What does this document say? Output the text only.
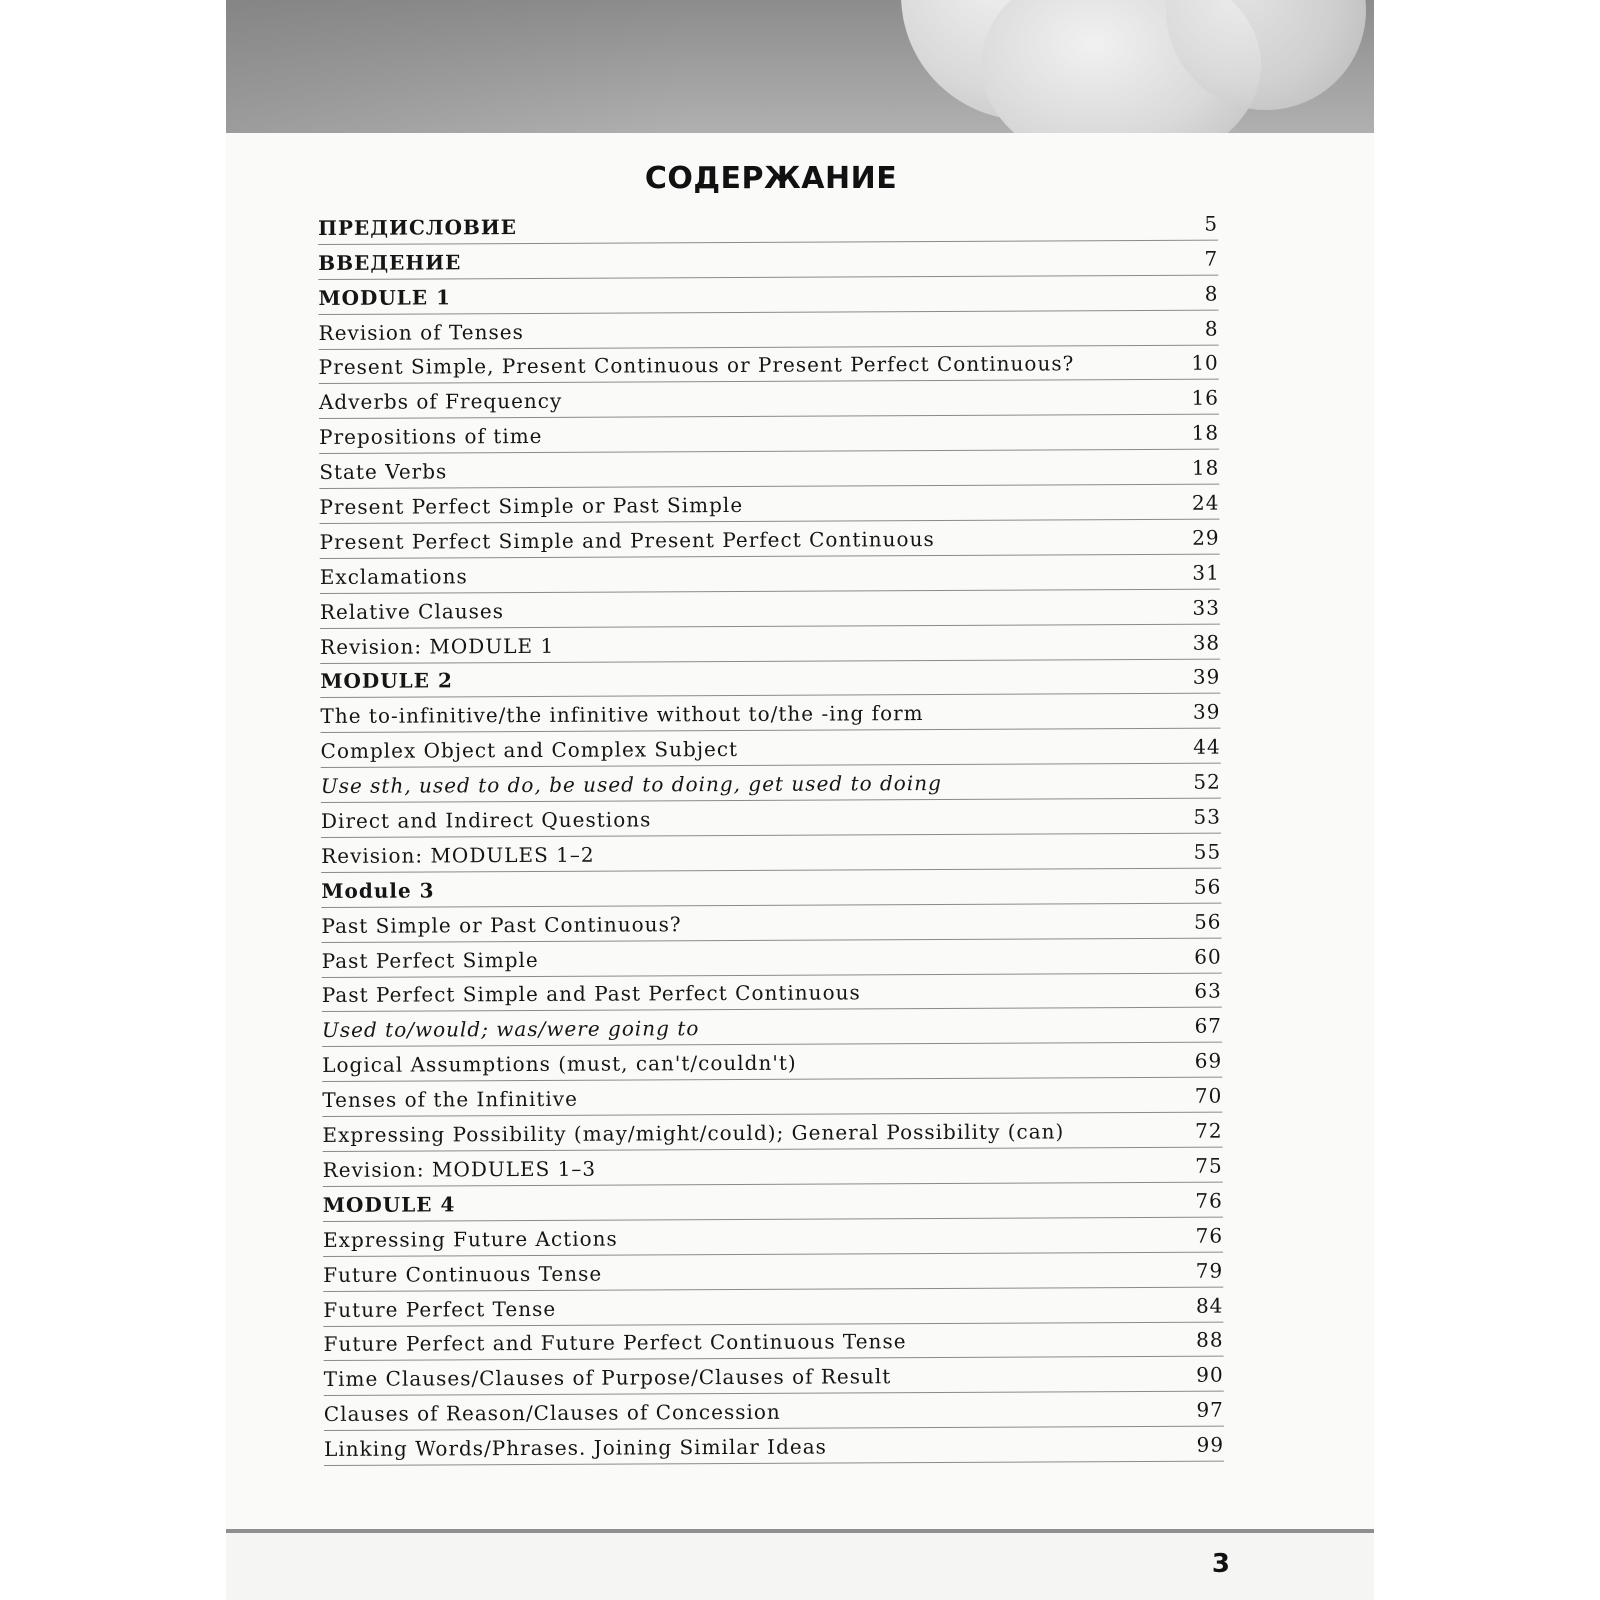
СОДЕРЖАНИЕ
ПРЕДИСЛОВИЕ	5
ВВЕДЕНИЕ	7
MODULE 1	8
Revision of Tenses	8
Present Simple, Present Continuous or Present Perfect Continuous?	10
Adverbs of Frequency	16
Prepositions of time	18
State Verbs	18
Present Perfect Simple or Past Simple	24
Present Perfect Simple and Present Perfect Continuous	29
Exclamations	31
Relative Clauses	33
Revision: MODULE 1	38
MODULE 2	39
The to-infinitive/the infinitive without to/the -ing form	39
Complex Object and Complex Subject	44
Use sth, used to do, be used to doing, get used to doing	52
Direct and Indirect Questions	53
Revision: MODULES 1–2	55
Module 3	56
Past Simple or Past Continuous?	56
Past Perfect Simple	60
Past Perfect Simple and Past Perfect Continuous	63
Used to/would; was/were going to	67
Logical Assumptions (must, can't/couldn't)	69
Tenses of the Infinitive	70
Expressing Possibility (may/might/could); General Possibility (can)	72
Revision: MODULES 1–3	75
MODULE 4	76
Expressing Future Actions	76
Future Continuous Tense	79
Future Perfect Tense	84
Future Perfect and Future Perfect Continuous Tense	88
Time Clauses/Clauses of Purpose/Clauses of Result	90
Clauses of Reason/Clauses of Concession	97
Linking Words/Phrases. Joining Similar Ideas	99
3
